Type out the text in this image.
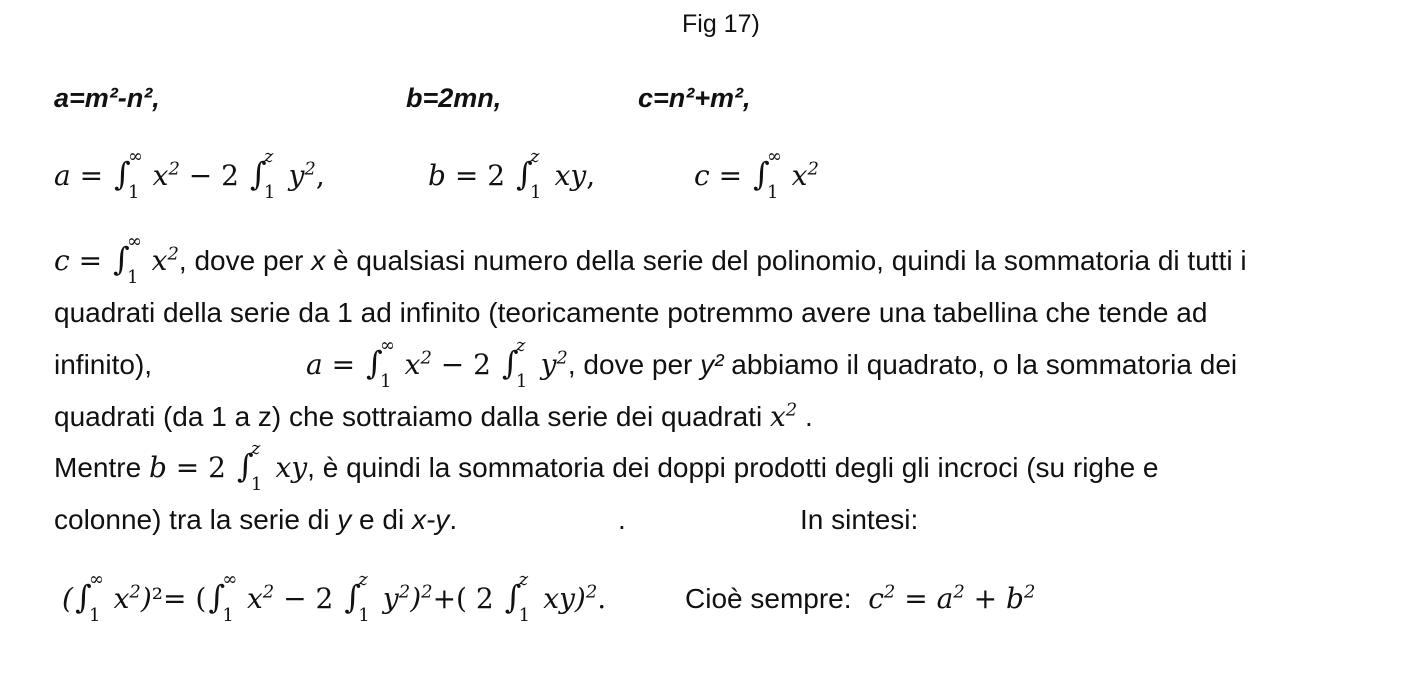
Fig 17)
a=m²-n²,	b=2mn,	c=n²+m²,
a = ∫
∞
1
$x^2 - 2$ ∫
z
1
$y^2$,	b = 2 ∫
z
1
xy,	c = ∫
∞
1
$x^2$
c = ∫
∞
1
$x^2$, dove per x è qualsiasi numero della serie del polinomio, quindi la sommatoria di tutti i
quadrati della serie da 1 ad infinito (teoricamente potremmo avere una tabellina che tende ad
infinito),	a = ∫
∞
1
$x^2 - 2$ ∫
z
1
$y^2$, dove per y² abbiamo il quadrato, o la sommatoria dei
quadrati (da 1 a z) che sottraiamo dalla serie dei quadrati $x^2$ .
Mentre b = 2 ∫
z
1
xy, è quindi la sommatoria dei doppi prodotti degli gli incroci (su righe e
colonne) tra la serie di y e di x-y.	.	In sintesi:
(∫
∞
1
$x^2)^2=$ (∫
∞
1
$x^2 - 2$ ∫
z
1
$y^2)^2+$( 2 ∫
z
1
xy)$^2$.	Cioè sempre:  $c^2 = a^2 + b^2$
